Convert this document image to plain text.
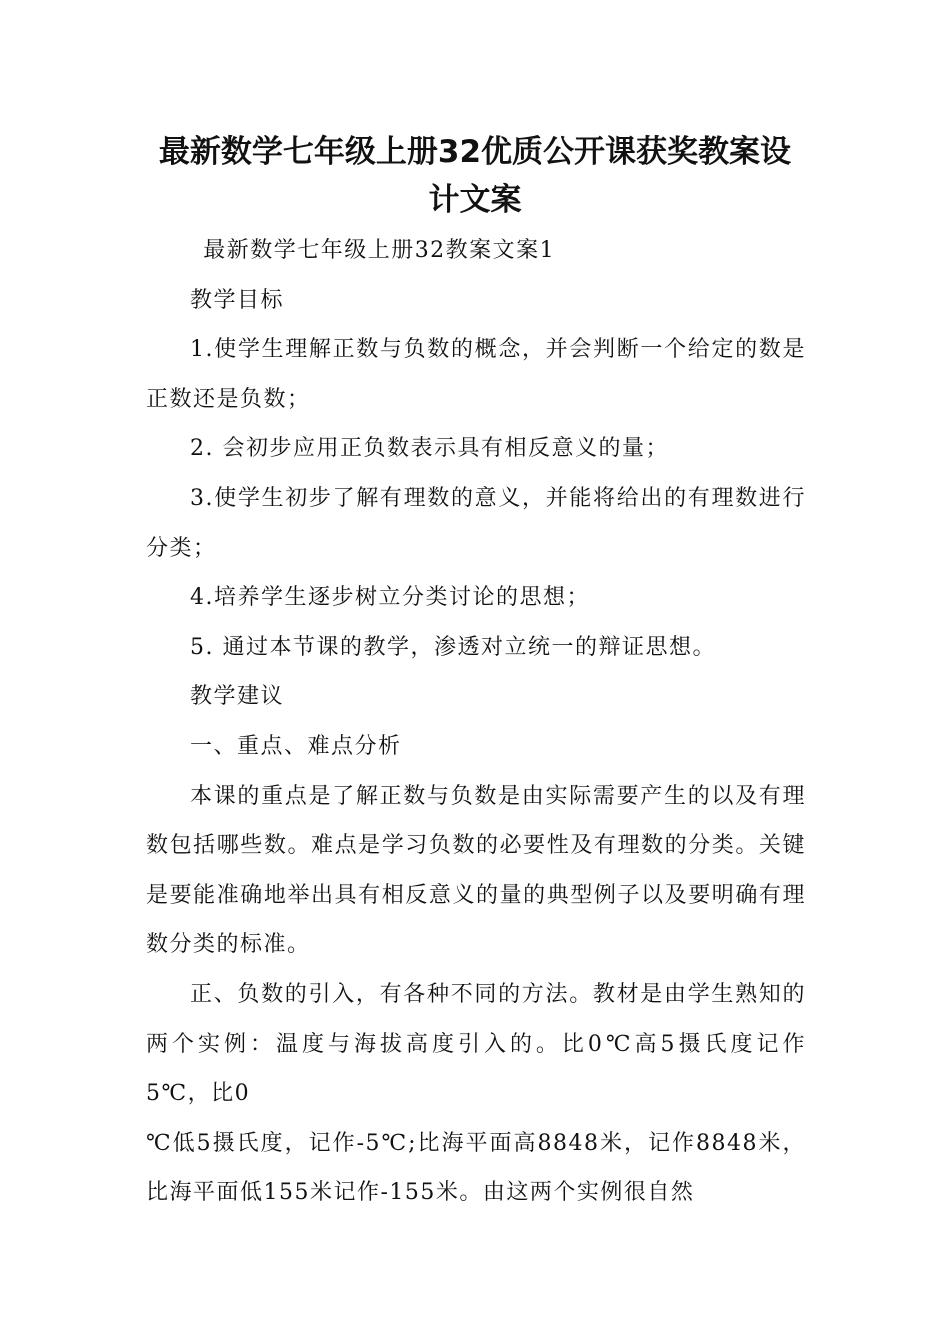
最新数学七年级上册32优质公开课获奖教案设计文案

最新数学七年级上册32教案文案1

教学目标

1.使学生理解正数与负数的概念，并会判断一个给定的数是正数还是负数；

2. 会初步应用正负数表示具有相反意义的量；

3.使学生初步了解有理数的意义，并能将给出的有理数进行分类；

4.培养学生逐步树立分类讨论的思想；

5. 通过本节课的教学，渗透对立统一的辩证思想。

教学建议

一、重点、难点分析

本课的重点是了解正数与负数是由实际需要产生的以及有理数包括哪些数。难点是学习负数的必要性及有理数的分类。关键是要能准确地举出具有相反意义的量的典型例子以及要明确有理数分类的标准。

正、负数的引入，有各种不同的方法。教材是由学生熟知的两个实例：温度与海拔高度引入的。比0℃高5摄氏度记作5℃，比0

℃低5摄氏度，记作-5℃;比海平面高8848米，记作8848米，比海平面低155米记作-155米。由这两个实例很自然
